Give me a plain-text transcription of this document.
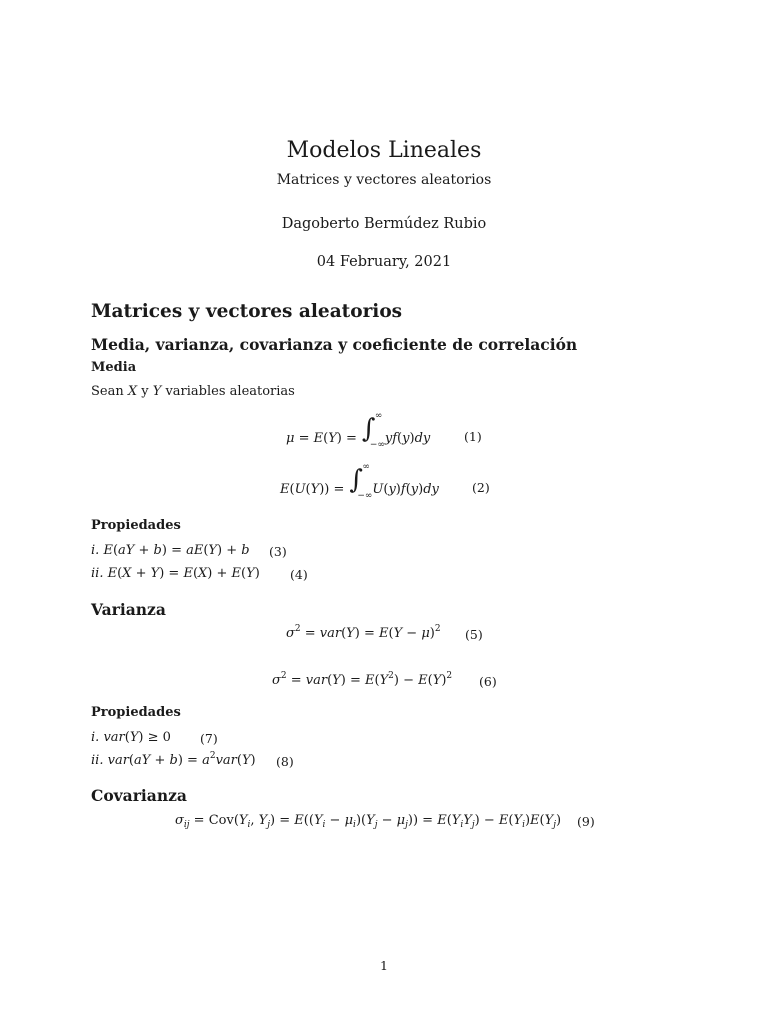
Modelos Lineales
Matrices y vectores aleatorios
Dagoberto Bermúdez Rubio
04 February, 2021
Matrices y vectores aleatorios
Media, varianza, covarianza y coeficiente de correlación
Media
Sean X y Y variables aleatorias
μ = E(Y) = ∫ ∞
−∞ yf(y)dy	(1)
E(U(Y)) = ∫ ∞
−∞ U(y)f(y)dy	(2)
Propiedades
i. E(aY + b) = aE(Y) + b (3)
ii. E(X + Y) = E(X) + E(Y) (4)
Varianza
$\sigma^2 = var(Y) = E(Y - \mu)^2$ (5)
$\sigma^2 = var(Y) = E(Y^2) - E(Y)^2$ (6)
Propiedades
i. var(Y) ≥ 0 (7)
ii. $var(aY + b) = a^2var(Y)$ (8)
Covarianza
$\sigma_{ij} = Cov(Y_i$, $Y_j) = E((Y_i - \mu_i)(Y_j - \mu_j)) = E(Y_iY_j) - E(Y_i)E(Y_j)$ (9)
1
